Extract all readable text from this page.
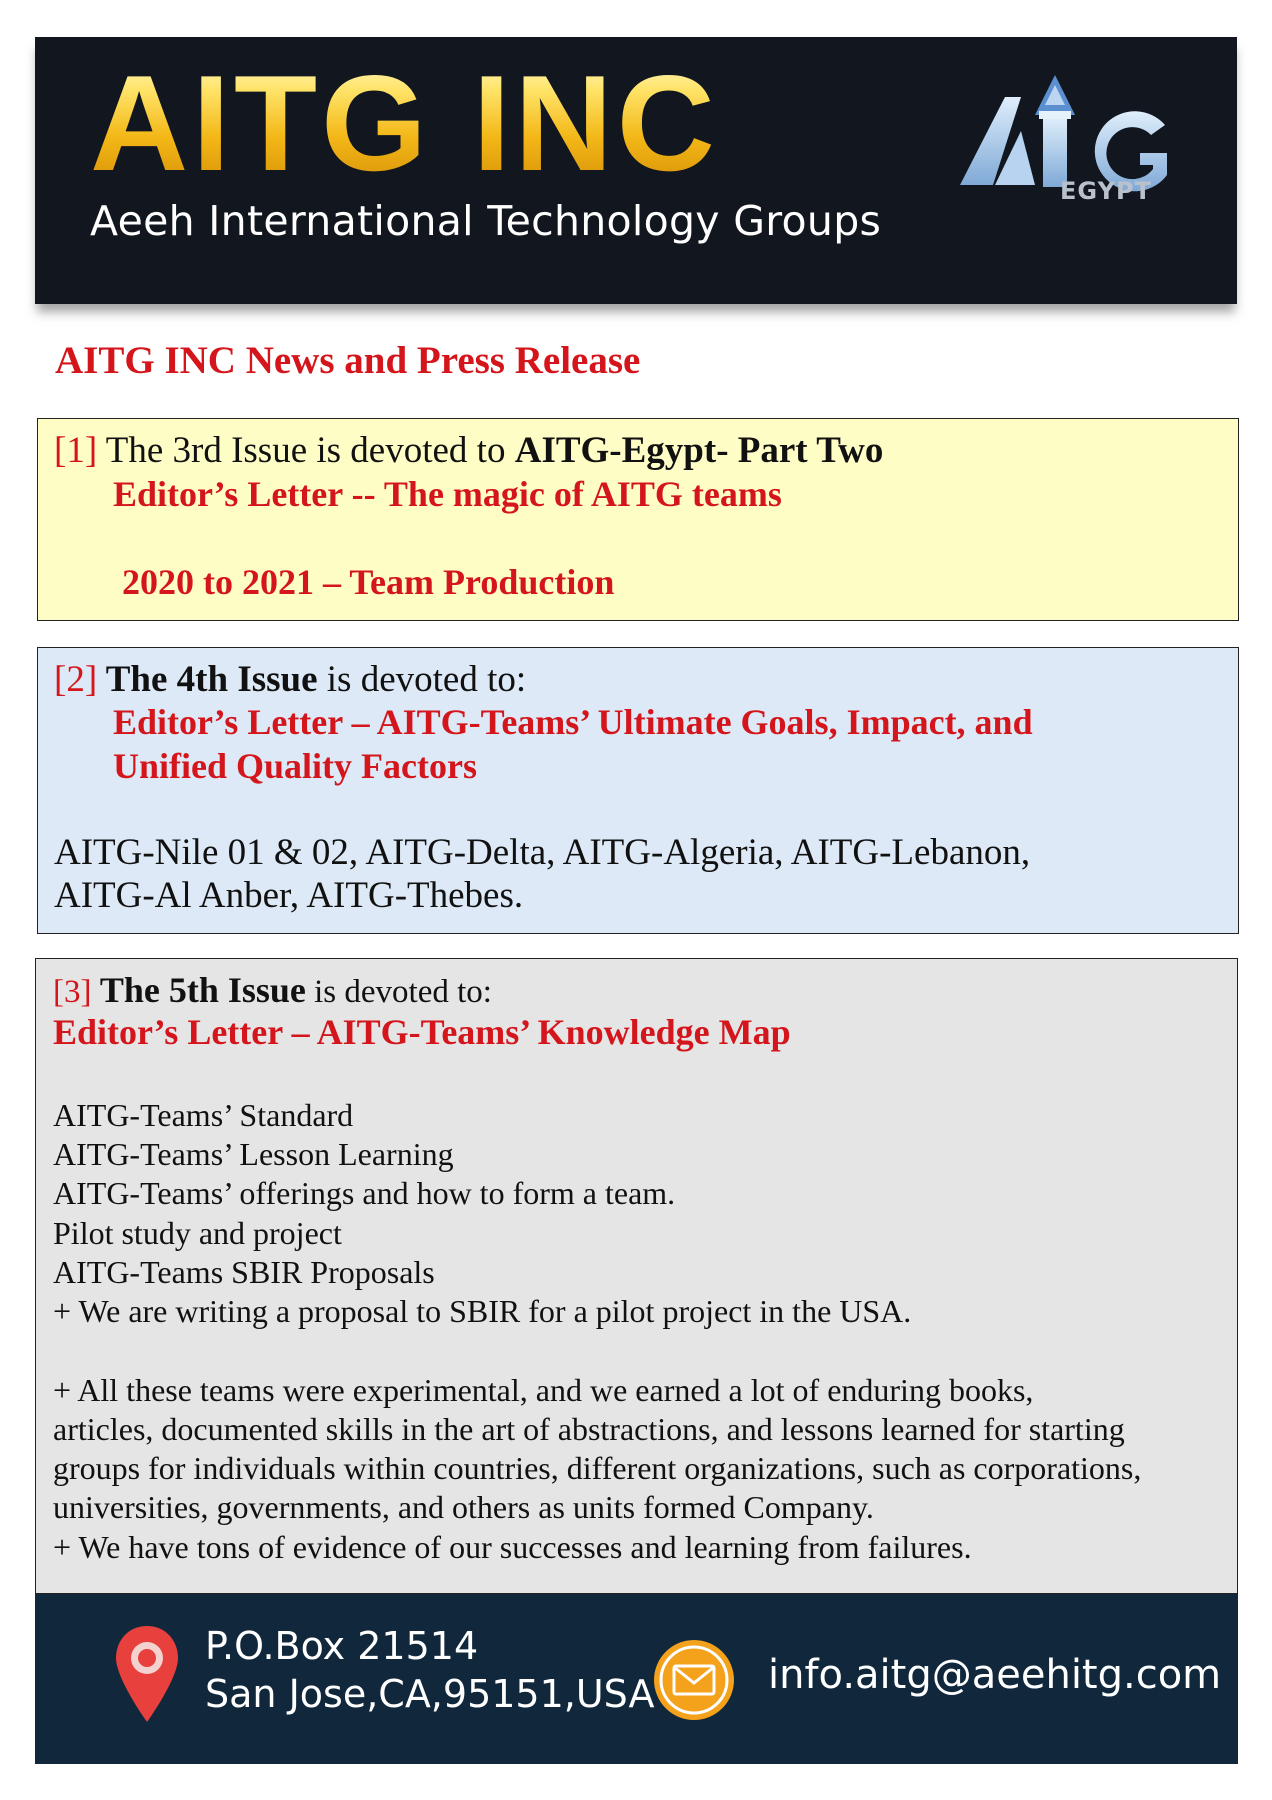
AITG INC
Aeeh International Technology Groups
EGYPT
AITG INC News and Press Release
[1] The 3rd Issue is devoted to AITG-Egypt- Part Two
Editor’s Letter -- The magic of AITG teams
2020 to 2021 – Team Production
[2] The 4th Issue is devoted to:
Editor’s Letter – AITG-Teams’ Ultimate Goals, Impact, and
Unified Quality Factors
AITG-Nile 01 & 02, AITG-Delta, AITG-Algeria, AITG-Lebanon,
AITG-Al Anber, AITG-Thebes.
[3] The 5th Issue is devoted to:
Editor’s Letter – AITG-Teams’ Knowledge Map
AITG-Teams’ Standard
AITG-Teams’ Lesson Learning
AITG-Teams’ offerings and how to form a team.
Pilot study and project
AITG-Teams SBIR Proposals
+ We are writing a proposal to SBIR for a pilot project in the USA.
+ All these teams were experimental, and we earned a lot of enduring books,
articles, documented skills in the art of abstractions, and lessons learned for starting
groups for individuals within countries, different organizations, such as corporations,
universities, governments, and others as units formed Company.
+ We have tons of evidence of our successes and learning from failures.
P.O.Box 21514
San Jose,CA,95151,USA	info.aitg@aeehitg.com
